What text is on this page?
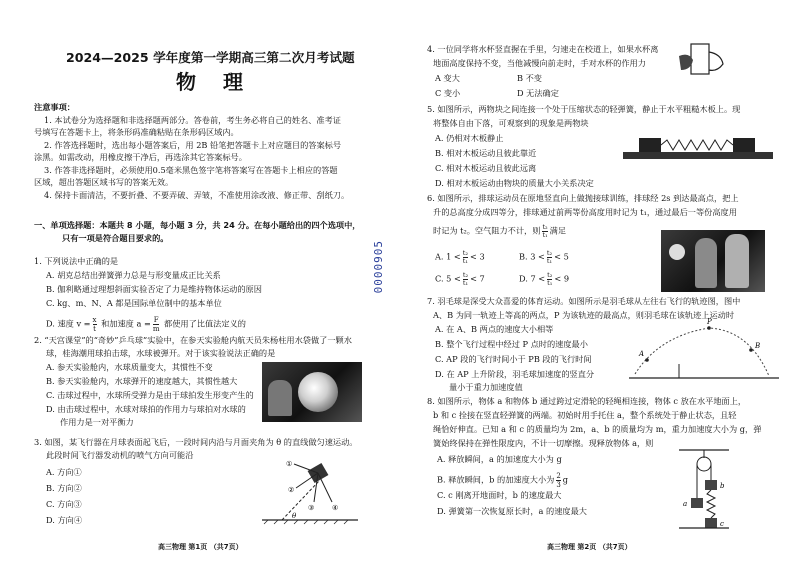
2024—2025 学年度第一学期高三第二次月考试题
物 理
注意事项：
1. 本试卷分为选择题和非选择题两部分。答卷前，考生务必将自己的姓名、准考证
号填写在答题卡上，将条形码准确粘贴在条形码区域内。
2. 作答选择题时，选出每小题答案后，用 2B 铅笔把答题卡上对应题目的答案标号
涂黑。如需改动，用橡皮擦干净后，再选涂其它答案标号。
3. 作答非选择题时，必须使用0.5毫米黑色签字笔将答案写在答题卡上相应的答题
区域，超出答题区域书写的答案无效。
4. 保持卡面清洁，不要折叠、不要弄破、弄皱，不准使用涂改液、修正带、刮纸刀。
一、单项选择题：本题共 8 小题，每小题 3 分，共 24 分。在每小题给出的四个选项中，
只有一项是符合题目要求的。
1. 下列说法中正确的是
A. 胡克总结出弹簧弹力总是与形变量成正比关系
B. 伽利略通过理想斜面实验否定了力是维持物体运动的原因
C. kg、m、N、A 都是国际单位制中的基本单位
D. 速度 $v = \frac{x}{t}$ 和加速度 $a = \frac{F}{m}$ 都使用了比值法定义的
2. “天宫课堂”的“奇妙”乒乓球”实验中，在参天实验舱内航天员朱杨柱用水袋做了一颗水
球，桂海潮用球拍击球，水球被弹开。对于该实验说法正确的是
A. 参天实验舱内，水球质量变大，其惯性不变
B. 参天实验舱内，水球弹开的速度越大，其惯性越大
C. 击球过程中，水球所受弹力是由于球拍发生形变产生的
D. 由击球过程中，水球对球拍的作用力与球拍对水球的
作用力是一对平衡力
3. 如图，某飞行器在月球表面起飞后，一段时间内沿与月面夹角为 θ 的直线做匀速运动。
此段时间飞行器发动机的喷气方向可能沿
A. 方向①
B. 方向②
C. 方向③
D. 方向④
①
②
③	④
θ
高三物理 第1页 （共7页）
0000905
4. 一位同学将水杯竖直握在手里，匀速走在校道上，如果水杯离
地面高度保持不变，当他减慢向前走时，手对水杯的作用力
A 变大	B 不变
C 变小	D 无法确定
5. 如图所示，两物块之间连接一个处于压缩状态的轻弹簧，静止于水平粗糙木板上。现
将整体自由下落，可观察到的现象是两物块
A. 仍相对木板静止
B. 相对木板运动且彼此靠近
C. 相对木板运动且彼此远离
D. 相对木板运动由物块的质量大小关系决定
6. 如图所示，排球运动员在原地竖直向上做抛接球训练，排球经 2s 到达最高点，把上
升的总高度分成四等分，排球通过前两等份高度用时记为 t₁，通过最后一等份高度用
时记为 t₂。空气阻力不计，则 $\frac{\text{t₂}}{\text{t₁}}$ 满足
A. $1 < \frac{\text{t₂}}{\text{t₁}} < 3$	B. $3 < \frac{\text{t₂}}{\text{t₁}} < 5$
C. $5 < \frac{\text{t₂}}{\text{t₁}} < 7$	D. $7 < \frac{\text{t₂}}{\text{t₁}} < 9$
7. 羽毛球是深受大众喜爱的体育运动。如图所示是羽毛球从左往右飞行的轨迹图，图中
A、B 为同一轨迹上等高的两点，P 为该轨迹的最高点，则羽毛球在该轨迹上运动时
A. 在 A、B 两点的速度大小相等
B. 整个飞行过程中经过 P 点时的速度最小
C. AP 段的飞行时间小于 PB 段的飞行时间
D. 在 AP 上升阶段，羽毛球加速度的竖直分
量小于重力加速度值
A
B
P
8. 如图所示，物体 a 和物体 b 通过跨过定滑轮的轻绳相连接，物体 c 放在水平地面上，
b 和 c 拴接在竖直轻弹簧的两端。初始时用手托住 a，整个系统处于静止状态，且轻
绳恰好伸直。已知 a 和 c 的质量均为 2m，a、b 的质量均为 m，重力加速度大小为 g，弹
簧始终保持在弹性限度内，不计一切摩擦。现释放物体 a，则
A. 释放瞬间，a 的加速度大小为 g
B. 释放瞬间，b 的加速度大小为 $\frac{2}{3}$ g
C. c 刚离开地面时，b 的速度最大
D. 弹簧第一次恢复原长时，a 的速度最大
a
b
c
高三物理 第2页 （共7页）
